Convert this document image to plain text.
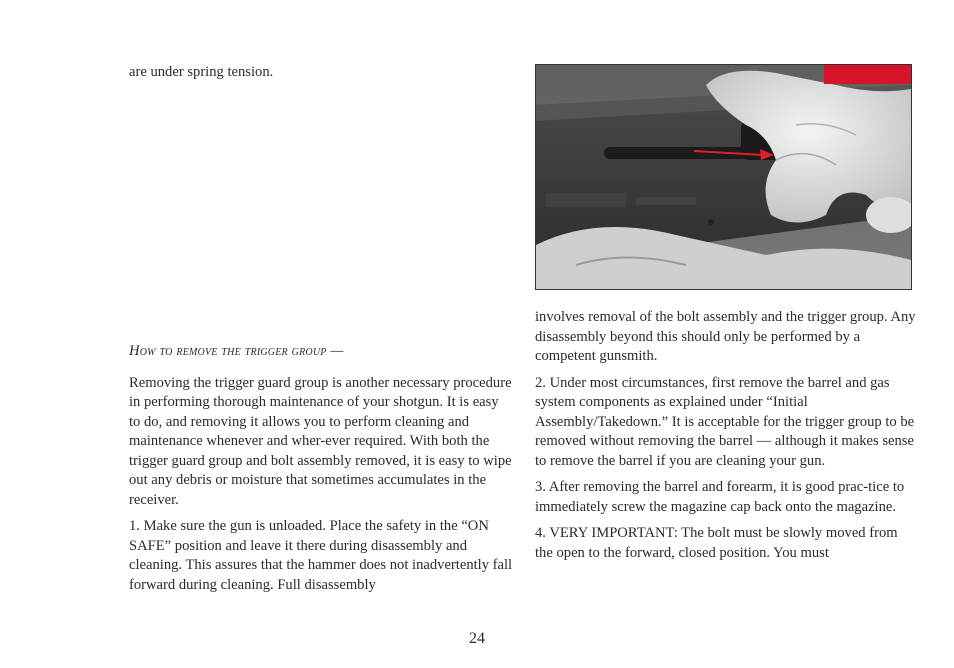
are under spring tension.

How to remove the trigger group —

Removing the trigger guard group is another necessary procedure in performing thorough maintenance of your shotgun. It is easy to do, and removing it allows you to perform cleaning and maintenance whenever and wher-ever required. With both the trigger guard group and bolt assembly removed, it is easy to wipe out any debris or moisture that sometimes accumulates in the receiver.

1. Make sure the gun is unloaded. Place the safety in the “ON SAFE” position and leave it there during disassembly and cleaning. This assures that the hammer does not inadvertently fall forward during cleaning. Full disassembly

involves removal of the bolt assembly and the trigger group. Any disassembly beyond this should only be performed by a competent gunsmith.

2. Under most circumstances, first remove the barrel and gas system components as explained under “Initial Assembly/Takedown.” It is acceptable for the trigger group to be removed without removing the barrel — although it makes sense to remove the barrel if you are cleaning your gun.

3. After removing the barrel and forearm, it is good prac-tice to immediately screw the magazine cap back onto the magazine.

4. VERY IMPORTANT: The bolt must be slowly moved from the open to the forward, closed position. You must

24
